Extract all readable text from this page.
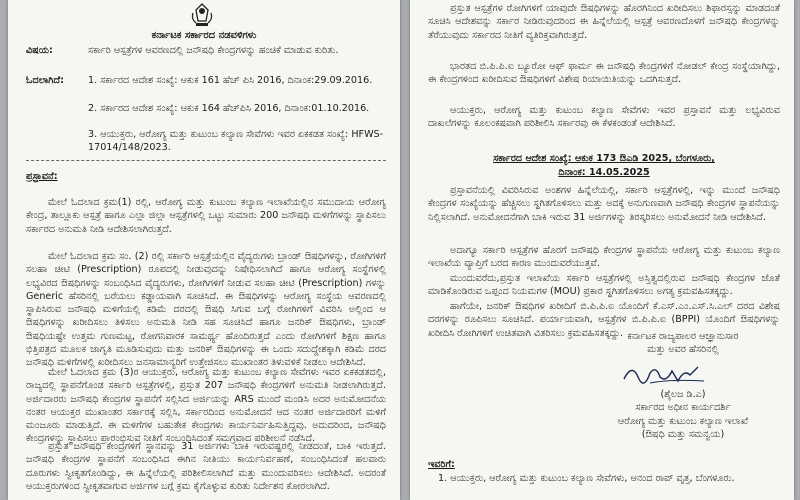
ಕರ್ನಾಟಕ ಸರ್ಕಾರದ ನಡವಳಿಗಳು
ವಿಷಯ:	ಸರ್ಕಾರಿ ಆಸ್ಪತ್ರೆಗಳ ಆವರಣದಲ್ಲಿ ಜನೌಷಧಿ ಕೇಂದ್ರಗಳನ್ನು ಹಂಚಿಕೆ ಮಾಡುವ ಕುರಿತು.
ಓದಲಾಗಿದೆ:	1. ಸರ್ಕಾರದ ಆದೇಶ ಸಂಖ್ಯೆ: ಆಕುಕ 161 ಹೆಚ್ ಪಿಸಿ 2016, ದಿನಾಂಕ:29.09.2016.
2. ಸರ್ಕಾರದ ಆದೇಶ ಸಂಖ್ಯೆ: ಆಕುಕ 164 ಹೆಚ್‌ಪಿಸಿ 2016, ದಿನಾಂಕ:01.10.2016.
3. ಆಯುಕ್ತರು, ಆರೋಗ್ಯ ಮತ್ತು ಕುಟುಂಬ ಕಲ್ಯಾಣ ಸೇವೆಗಳು ಇವರ ಏಕಕಡತ ಸಂಖ್ಯೆ: HFWS-17014/148/2023.

ಪ್ರಸ್ತಾವನೆ:

ಮೇಲೆ ಓದಲಾದ ಕ್ರಮ(1) ರಲ್ಲಿ, ಆರೋಗ್ಯ ಮತ್ತು ಕುಟುಂಬ ಕಲ್ಯಾಣ ಇಲಾಖೆಯಲ್ಲಿನ ಸಮುದಾಯ ಆರೋಗ್ಯ ಕೇಂದ್ರ, ತಾಲ್ಲೂಕು ಆಸ್ಪತ್ರೆ ಹಾಗೂ ಎಲ್ಲಾ ಜಿಲ್ಲಾ ಆಸ್ಪತ್ರೆಗಳಲ್ಲಿ ಒಟ್ಟು ಸುಮಾರು 200 ಜನೌಷಧಿ ಮಳಿಗೆಗಳನ್ನು ಸ್ಥಾಪಿಸಲು ಸರ್ಕಾರದ ಅನುಮತಿ ನೀಡಿ ಆದೇಶಿಸಲಾಗಿರುತ್ತದೆ.

ಮೇಲೆ ಓದಲಾದ ಕ್ರಮ ಸಂ. (2) ರಲ್ಲಿ ಸರ್ಕಾರಿ ಆಸ್ಪತ್ರೆಯಲ್ಲಿನ ವೈದ್ಯರುಗಳು ಬ್ರಾಂಡ್ ಔಷಧಿಗಳನ್ನು, ರೋಗಿಗಳಿಗೆ ಸಲಹಾ ಚೀಟಿ (Prescription) ರೂಪದಲ್ಲಿ ನೀಡುವುದನ್ನು ನಿಷೇಧಿಸಲಾಗಿದೆ ಹಾಗೂ ಆರೋಗ್ಯ ಸಂಸ್ಥೆಗಳಲ್ಲಿ ಲಭ್ಯವಿರದ ಔಷಧಿಗಳನ್ನು ಸಂಬಂಧಿಸಿದ ವೈದ್ಯರುಗಳು, ರೋಗಿಗಳಿಗೆ ನೀಡುವ ಸಲಹಾ ಚೀಟಿ (Prescription) ಗಳನ್ನು Generic ಹೆಸರಿನಲ್ಲಿ ಬರೆಯಲು ಕಡ್ಡಾಯವಾಗಿ ಸೂಚಿಸಿದೆ. ಈ ಔಷಧಿಗಳನ್ನು ಆರೋಗ್ಯ ಸಂಸ್ಥೆಯ ಆವರಣದಲ್ಲಿ ಸ್ಥಾಪಿಸಿರುವ ಜನೌಷಧಿ ಮಳಿಗೆಯಲ್ಲಿ ಕಡಿಮೆ ದರದಲ್ಲಿ ಔಷಧಿ ಸಿಗುವ ಬಗ್ಗೆ ರೋಗಿಗಳಿಗೆ ವಿವರಿಸಿ ಅಲ್ಲಿಂದ ಆ ಔಷಧಿಗಳನ್ನು ಖರೀದಿಸಲು ತಿಳಿಸಲು ಅನುಮತಿ ನೀಡಿ ಸಹ ಸೂಚಿಸಿದೆ ಹಾಗೂ ಜನರಿಕ್ ಔಷಧಿಗಳು, ಬ್ರಾಂಡ್ ಔಷಧಿಯಷ್ಟೇ ಉತ್ತಮ ಗುಣಮಟ್ಟ, ರೋಗನಿವಾರಕ ಸಾಮರ್ಥ್ಯ ಹೊಂದಿರುತ್ತದೆ ಎಂದು ರೋಗಿಗಳಿಗೆ ಶಿಕ್ಷಣ ಹಾಗೂ ಭಿತ್ತಿಪತ್ರದ ಮೂಲಕ ಜಾಗೃತಿ ಮೂಡಿಸುವುದು ಮತ್ತು ಜನರಿಕ್ ಔಷಧಿಗಳನ್ನು ಈ ಒಂದು ಸದುದ್ದೇಶಕ್ಕಾಗಿ ಕಡಿಮೆ ದರದ ಜನೌಷಧಿ ಮಳಿಗೆಗಳಲ್ಲಿ ಖರೀದಿಸಲು ಜನಸಾಮಾನ್ಯರಿಗೆ ಉತ್ತೇಜಿಸಲು ಮುಖಾಂತರ ತಿಳುವಳಿಕೆ ನೀಡಲು ಆದೇಶಿಸಿದೆ.

ಮೇಲೆ ಓದಲಾದ ಕ್ರಮ (3)ರ ಆಯುಕ್ತರು, ಆರೋಗ್ಯ ಮತ್ತು ಕುಟುಂಬ ಕಲ್ಯಾಣ ಸೇವೆಗಳು ಇವರ ಏಕಕಡತದಲ್ಲಿ, ರಾಜ್ಯದಲ್ಲಿ ಸ್ಥಾಪನೆಗೊಂಡ ಸರ್ಕಾರಿ ಆಸ್ಪತ್ರೆಗಳಲ್ಲಿ, ಪ್ರಸ್ತುತ 207 ಜನೌಷಧಿ ಕೇಂದ್ರಗಳಿಗೆ ಅನುಮತಿ ನೀಡಲಾಗಿರುತ್ತದೆ. ಅರ್ಜಿದಾರರು ಜನೌಷಧಿ ಕೇಂದ್ರಗಳ ಸ್ಥಾಪನೆಗೆ ಸಲ್ಲಿಸಿದ ಅರ್ಜಿಯನ್ನು ARS ಮುಂದೆ ಮಂಡಿಸಿ ಅದರ ಅನುಮೋದನೆಯ ನಂತರ ಆಯುಕ್ತರ ಮುಖಾಂತರ ಸರ್ಕಾರಕ್ಕೆ ಸಲ್ಲಿಸಿ, ಸರ್ಕಾರದಿಂದ ಅನುಮೋದನೆ ಆದ ನಂತರ ಅರ್ಜಿದಾರರಿಗೆ ಮಳಿಗೆ ಮಂಜೂರು ಮಾಡುತ್ತಿದೆ. ಈ ಮಳಿಗೆಗಳ ಬಹುತೇಕ ಕೇಂದ್ರಗಳು ಕಾರ್ಯನಿರ್ವಹಿಸುತ್ತಿದ್ದವು. ಅದುದರಿಂದ, ಜನೌಷಧಿ ಕೇಂದ್ರಗಳನ್ನು ಸ್ಥಾಪಿಸಲು ಪ್ರಾರಂಭಿಸುವ ನೀತಿಗೆ ಸಂಬಂಧಿಸಿದಂತೆ ಸಮಗ್ರವಾದ ಪರಿಶೀಲನೆ ನಡೆಸಿದೆ.

ಪ್ರಸ್ತುತ ಜನೌಷಧಿ ಕೇಂದ್ರಗಳಿಗೆ ಸ್ಥಾನವನ್ನು 31 ಅರ್ಜಿಗಳು ಬಾಕಿ ಇರುವಷ್ಟರಲ್ಲಿ ನೀಡದಂತೆ, ಬಾಕಿ ಇರುತ್ತದೆ. ಜನೌಷಧಿ ಕೇಂದ್ರಗಳ ಸ್ಥಾಪನೆಗೆ ಸಂಬಂಧಿಸಿದ ಈಗಿನ ನೀತಿಯು ಕಾರ್ಯನಿರ್ವಹಣೆ, ಸಂಬಂಧಿಸಿದಂತೆ ಹಲವಾರು ದೂರುಗಳು ಸ್ವೀಕೃತಗೊಂಡಿದ್ದು, ಈ ಹಿನ್ನೆಲೆಯಲ್ಲಿ ಪರಿಶೀಲಿಸಲಾಗಿದೆ ಮತ್ತು ಮುಂದುವರಿಸಲು ಆದೇಶಿಸಿದೆ. ಅದರಂತೆ ಆಯುಕ್ತರುಗಳಿಂದ ಸ್ವೀಕೃತವಾಗುವ ಅರ್ಜಿಗಳ ಬಗ್ಗೆ ಕ್ರಮ ಕೈಗೊಳ್ಳುವ ಕುರಿತು ನಿರ್ದೇಶನ ಕೋರಲಾಗಿದೆ.

ಪ್ರಸ್ತುತ ಆಸ್ಪತ್ರೆಗಳ ರೋಗಿಗಳಿಗೆ ಯಾವುದೇ ಔಷಧಿಗಳನ್ನು ಹೊರಗಿನಿಂದ ಖರೀದಿಸಲು ಶಿಫಾರಸ್ಸನ್ನು ಮಾಡದಂತೆ ಸೂಚಿಸಿ ಆದೇಶವನ್ನು ಸರ್ಕಾರ ನೀಡಿರುವುದರಿಂದ ಈ ಹಿನ್ನೆಲೆಯಲ್ಲಿ ಆಸ್ಪತ್ರೆ ಆವರಣದೊಳಗೆ ಜನೌಷಧಿ ಕೇಂದ್ರಗಳನ್ನು ತೆರೆಯುವುದು ಸರ್ಕಾರದ ನೀತಿಗೆ ವ್ಯತಿರಿಕ್ತವಾಗಿರುತ್ತದೆ.

ಭಾರತದ ಬಿ.ಪಿ.ಪಿ.ಐ ಬ್ಯೂರೋ ಆಫ್ ಫಾರ್ಮ ಈ ಜನೌಷಧಿ ಕೇಂದ್ರಗಳಿಗೆ ನೋಡಲ್ ಕೇಂದ್ರ ಸಂಸ್ಥೆಯಾಗಿದ್ದು, ಈ ಕೇಂದ್ರಗಳಿಂದ ಖರೀದಿಸುವ ಔಷಧಿಗಳಿಗೆ ವಿಶೇಷ ರಿಯಾಯಿತಿಯನ್ನು ಒದಗಿಸುತ್ತದೆ.

ಆಯುಕ್ತರು, ಆರೋಗ್ಯ ಮತ್ತು ಕುಟುಂಬ ಕಲ್ಯಾಣ ಸೇವೆಗಳು ಇವರ ಪ್ರಸ್ತಾವನೆ ಮತ್ತು ಲಭ್ಯವಿರುವ ದಾಖಲೆಗಳನ್ನು ಕೂಲಂಕಷವಾಗಿ ಪರಿಶೀಲಿಸಿ ಸರ್ಕಾರವು ಈ ಕೆಳಕಂಡಂತೆ ಆದೇಶಿಸಿದೆ.

ಸರ್ಕಾರದ ಆದೇಶ ಸಂಖ್ಯೆ: ಆಕುಕ 173 ಔಎಡಿ 2025, ಬೆಂಗಳೂರು,

ದಿನಾಂಕ: 14.05.2025

ಪ್ರಸ್ತಾವನೆಯಲ್ಲಿ ವಿವರಿಸಿರುವ ಅಂಶಗಳ ಹಿನ್ನೆಲೆಯಲ್ಲಿ, ಸರ್ಕಾರಿ ಆಸ್ಪತ್ರೆಗಳಲ್ಲಿ, ಇನ್ನು ಮುಂದೆ ಜನೌಷಧಿ ಕೇಂದ್ರಗಳ ಸಂಖ್ಯೆಯನ್ನು ಹೆಚ್ಚಿಸಲು ಸ್ಥಗಿತಗೊಳಿಸಲು ಮತ್ತು ಅದಕ್ಕೆ ಅನುಗುಣವಾಗಿ ಜನೌಷಧಿ ಕೇಂದ್ರಗಳ ಸ್ಥಾಪನೆಯನ್ನು ನಿಲ್ಲಿಸಲಾಗಿದೆ. ಅನುಮೋದನೆಗಾಗಿ ಬಾಕಿ ಇರುವ 31 ಅರ್ಜಿಗಳನ್ನು ತಿರಸ್ಕರಿಸಲು ಅನುಮೋದನೆ ನೀಡಿ ಆದೇಶಿಸಿದೆ.

ಅದಾಗ್ಯೂ ಸರ್ಕಾರಿ ಆಸ್ಪತ್ರೆಗಳ ಹೊರಗೆ ಜನೌಷಧಿ ಕೇಂದ್ರಗಳ ಸ್ಥಾಪನೆಯ ಆರೋಗ್ಯ ಮತ್ತು ಕುಟುಂಬ ಕಲ್ಯಾಣ ಇಲಾಖೆಯ ವ್ಯಾಪ್ತಿಗೆ ಬರದ ಕಾರಣ ಮುಂದುವರೆಯುತ್ತವೆ.

ಮುಂದುವರೆದು,ಪ್ರಸ್ತುತ ಇಲಾಖೆಯ ಸರ್ಕಾರಿ ಆಸ್ಪತ್ರೆಗಳಲ್ಲಿ ಅಸ್ತಿತ್ವದಲ್ಲಿರುವ ಜನೌಷಧಿ ಕೇಂದ್ರಗಳ ಜೊತೆ ಮಾಡಿಕೊಂಡಿರುವ ಒಪ್ಪಂದ ನಿಯಮಗಳ (MOU) ಪ್ರಕಾರ ಸ್ಥಗಿತಗೊಳಿಸಲು ಅಗತ್ಯ ಕ್ರಮವಹಿಸತಕ್ಕದ್ದು.

ಹಾಗೆಯೇ, ಜನರಿಕ್ ಔಷಧಿಗಳ ಖರೀದಿಗೆ ಬಿ.ಪಿ.ಪಿ.ಐ ಯೊಂದಿಗೆ ಕೆ.ಎಸ್.ಎಂ.ಎಸ್.ಸಿ.ಎಲ್ ದರದ ವಿಶೇಷ ದರಗಳನ್ನು ರೂಪಿಸಲು ಸೂಚಿಸಿದೆ. ಪರ್ಯಾಯವಾಗಿ, ಆಸ್ಪತ್ರೆಗಳ ಬಿ.ಪಿ.ಪಿ.ಐ (BPPI) ಯೊಂದಿಗೆ ಔಷಧಿಗಳನ್ನು ಖರೀದಿಸಿ ರೋಗಿಗಳಿಗೆ ಉಚಿತವಾಗಿ ವಿತರಿಸಲು ಕ್ರಮವಹಿಸತಕ್ಕದ್ದು. ಕರ್ನಾಟಕ ರಾಜ್ಯಪಾಲರ ಆಜ್ಞಾನುಸಾರ

ಮತ್ತು ಅವರ ಹೆಸರಿನಲ್ಲಿ

(ಶೈಲಜ ಡಿ.ಎ)

ಸರ್ಕಾರದ ಅಧೀನ ಕಾರ್ಯದರ್ಶಿ

ಆರೋಗ್ಯ ಮತ್ತು ಕುಟುಂಬ ಕಲ್ಯಾಣ ಇಲಾಖೆ

(ಔಷಧಿ ಮತ್ತು ಸಮನ್ವಯ)

ಇವರಿಗೆ:

1. ಆಯುಕ್ತರು, ಆರೋಗ್ಯ ಮತ್ತು ಕುಟುಂಬ ಕಲ್ಯಾಣ ಸೇವೆಗಳು, ಆನಂದ ರಾವ್ ವೃತ್ತ, ಬೆಂಗಳೂರು.
